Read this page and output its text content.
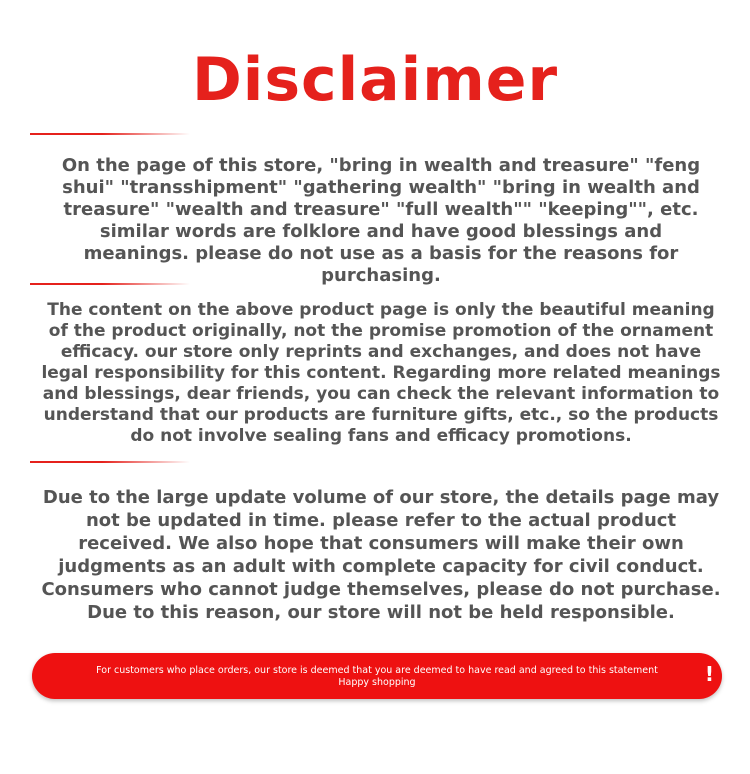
Disclaimer

On the page of this store, "bring in wealth and treasure" "feng shui" "transshipment" "gathering wealth" "bring in wealth and treasure" "wealth and treasure" "full wealth"" "keeping"", etc. similar words are folklore and have good blessings and meanings. please do not use as a basis for the reasons for purchasing.

The content on the above product page is only the beautiful meaning of the product originally, not the promise promotion of the ornament efficacy. our store only reprints and exchanges, and does not have legal responsibility for this content. Regarding more related meanings and blessings, dear friends, you can check the relevant information to understand that our products are furniture gifts, etc., so the products do not involve sealing fans and efficacy promotions.

Due to the large update volume of our store, the details page may not be updated in time. please refer to the actual product received. We also hope that consumers will make their own judgments as an adult with complete capacity for civil conduct. Consumers who cannot judge themselves, please do not purchase. Due to this reason, our store will not be held responsible.

For customers who place orders, our store is deemed that you are deemed to have read and agreed to this statement
Happy shopping	!
